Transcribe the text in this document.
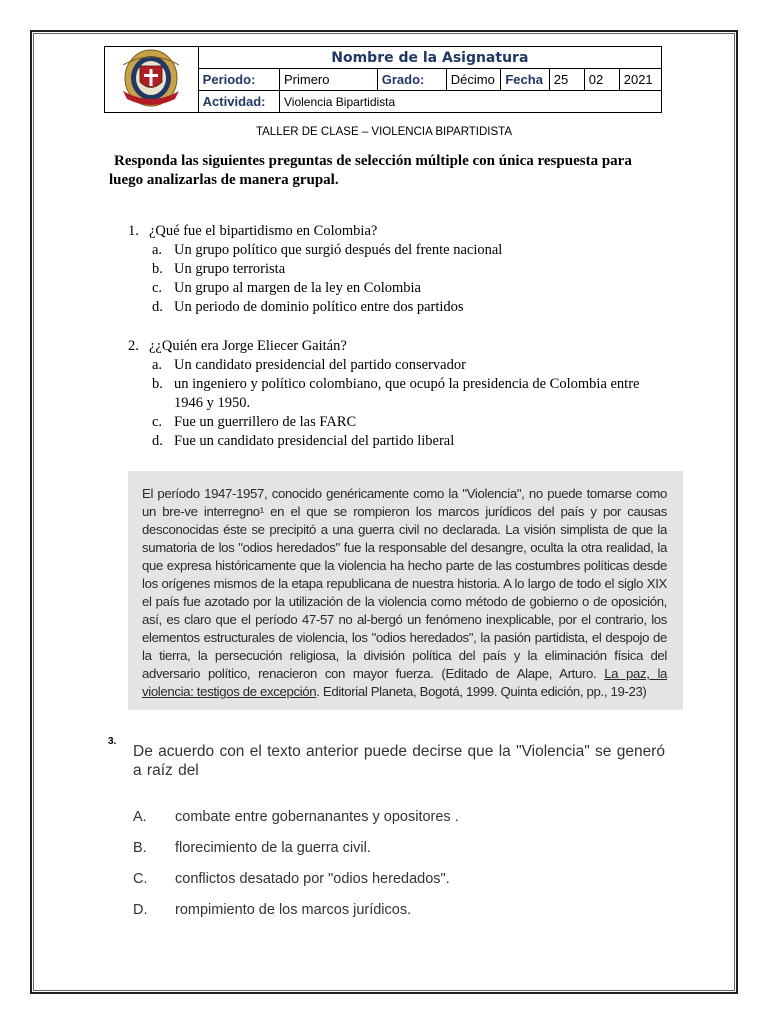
	Nombre de la Asignatura							
	Periodo:	Primero	Grado:	Décimo	Fecha	25	02	2021
	Actividad:	Violencia Bipartidista						
TALLER DE CLASE – VIOLENCIA BIPARTIDISTA
Responda las siguientes preguntas de selección múltiple con única respuesta para luego analizarlas de manera grupal.
1. ¿Qué fue el bipartidismo en Colombia?
a. Un grupo político que surgió después del frente nacional
b. Un grupo terrorista
c. Un grupo al margen de la ley en Colombia
d. Un periodo de dominio político entre dos partidos
2. ¿¿Quién era Jorge Eliecer Gaitán?
a. Un candidato presidencial del partido conservador
b. un ingeniero y político colombiano, que ocupó la presidencia de Colombia entre 1946 y 1950.
c. Fue un guerrillero de las FARC
d. Fue un candidato presidencial del partido liberal
El período 1947-1957, conocido genéricamente como la "Violencia", no puede tomarse como un bre-ve interregno¹ en el que se rompieron los marcos jurídicos del país y por causas desconocidas éste se precipitó a una guerra civil no declarada. La visión simplista de que la sumatoria de los "odios heredados" fue la responsable del desangre, oculta la otra realidad, la que expresa históricamente que la violencia ha hecho parte de las costumbres políticas desde los orígenes mismos de la etapa republicana de nuestra historia. A lo largo de todo el siglo XIX el país fue azotado por la utilización de la violencia como método de gobierno o de oposición, así, es claro que el período 47-57 no al-bergó un fenómeno inexplicable, por el contrario, los elementos estructurales de violencia, los "odios heredados", la pasión partidista, el despojo de la tierra, la persecución religiosa, la división política del país y la eliminación física del adversario político, renacieron con mayor fuerza. (Editado de Alape, Arturo. La paz, la violencia: testigos de excepción. Editorial Planeta, Bogotá, 1999. Quinta edición, pp., 19-23)
3.
De acuerdo con el texto anterior puede decirse que la "Violencia" se generó a raíz del
A. combate entre gobernanantes y opositores .
B. florecimiento de la guerra civil.
C. conflictos desatado por "odios heredados".
D. rompimiento de los marcos jurídicos.
